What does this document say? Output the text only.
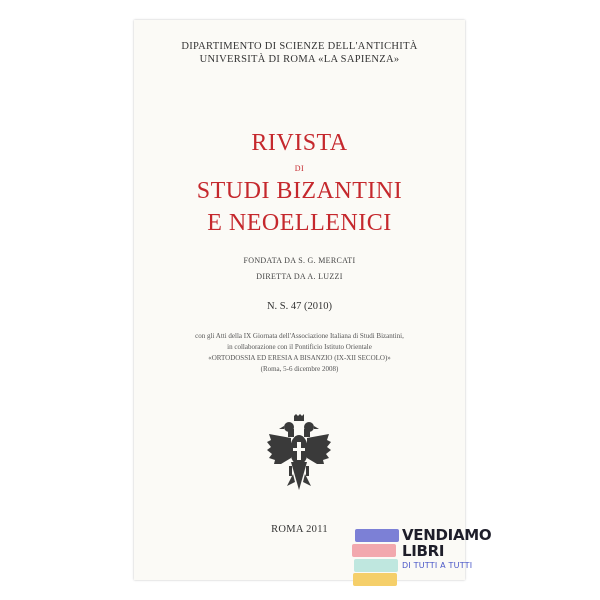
DIPARTIMENTO DI SCIENZE DELL'ANTICHITÀ
UNIVERSITÀ DI ROMA «LA SAPIENZA»
RIVISTA
DI
STUDI BIZANTINI
E NEOELLENICI
FONDATA DA S. G. MERCATI
DIRETTA DA A. LUZZI
N. S. 47 (2010)
con gli Atti della IX Giornata dell'Associazione Italiana di Studi Bizantini,
in collaborazione con il Pontificio Istituto Orientale
«ORTODOSSIA ED ERESIA A BISANZIO (IX-XII SECOLO)»
(Roma, 5-6 dicembre 2008)
ROMA 2011	VENDIAMO
LIBRI
DI TUTTI A TUTTI
